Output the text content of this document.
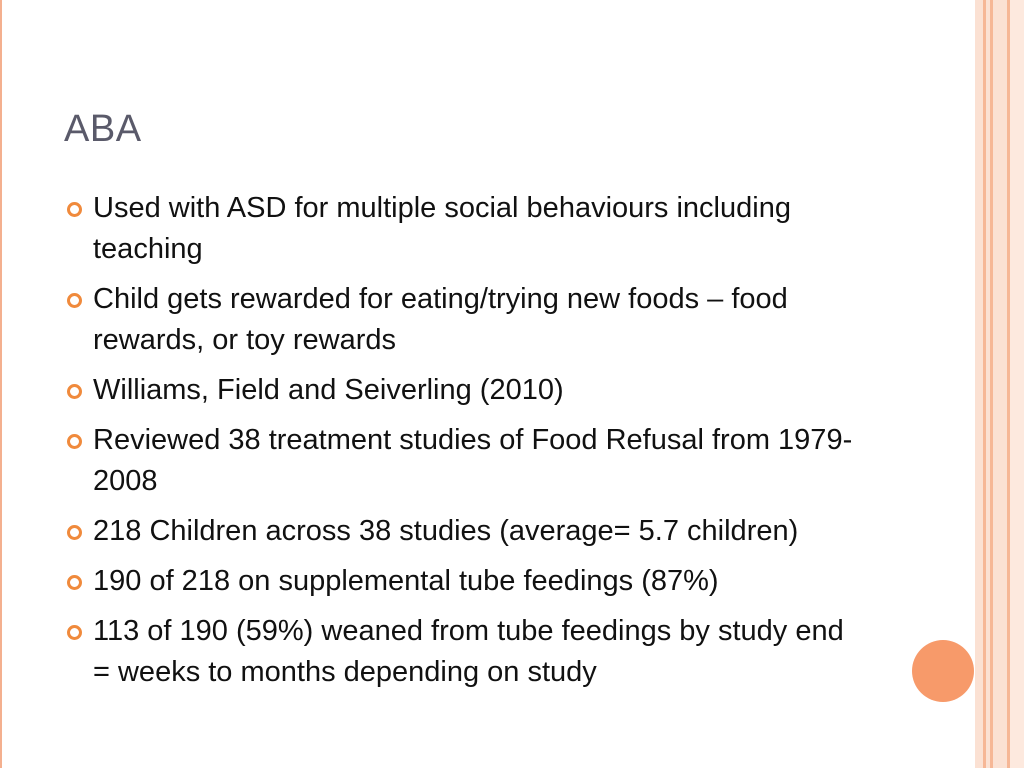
ABA
Used with ASD for multiple social behaviours including teaching
Child gets rewarded for eating/trying new foods – food rewards, or toy rewards
Williams, Field and Seiverling (2010)
Reviewed 38 treatment studies of Food Refusal from 1979-2008
218 Children across 38 studies (average= 5.7 children)
190 of 218 on supplemental tube feedings (87%)
113 of 190 (59%) weaned from tube feedings by study end = weeks to months depending on study
